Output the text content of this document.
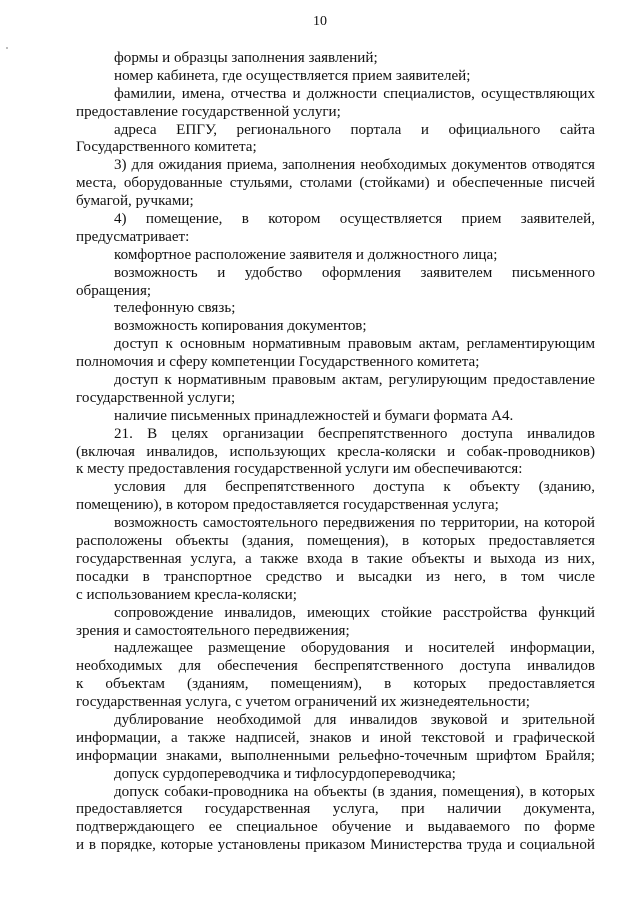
10
формы и образцы заполнения заявлений;
номер кабинета, где осуществляется прием заявителей;
фамилии, имена, отчества и должности специалистов, осуществляющих
предоставление государственной услуги;
адреса ЕПГУ, регионального портала и официального сайта
Государственного комитета;
3) для ожидания приема, заполнения необходимых документов отводятся
места, оборудованные стульями, столами (стойками) и обеспеченные писчей
бумагой, ручками;
4) помещение, в котором осуществляется прием заявителей,
предусматривает:
комфортное расположение заявителя и должностного лица;
возможность и удобство оформления заявителем письменного
обращения;
телефонную связь;
возможность копирования документов;
доступ к основным нормативным правовым актам, регламентирующим
полномочия и сферу компетенции Государственного комитета;
доступ к нормативным правовым актам, регулирующим предоставление
государственной услуги;
наличие письменных принадлежностей и бумаги формата А4.
21. В целях организации беспрепятственного доступа инвалидов
(включая инвалидов, использующих кресла-коляски и собак-проводников)
к месту предоставления государственной услуги им обеспечиваются:
условия для беспрепятственного доступа к объекту (зданию,
помещению), в котором предоставляется государственная услуга;
возможность самостоятельного передвижения по территории, на которой
расположены объекты (здания, помещения), в которых предоставляется
государственная услуга, а также входа в такие объекты и выхода из них,
посадки в транспортное средство и высадки из него, в том числе
с использованием кресла-коляски;
сопровождение инвалидов, имеющих стойкие расстройства функций
зрения и самостоятельного передвижения;
надлежащее размещение оборудования и носителей информации,
необходимых для обеспечения беспрепятственного доступа инвалидов
к объектам (зданиям, помещениям), в которых предоставляется
государственная услуга, с учетом ограничений их жизнедеятельности;
дублирование необходимой для инвалидов звуковой и зрительной
информации, а также надписей, знаков и иной текстовой и графической
информации знаками, выполненными рельефно-точечным шрифтом Брайля;
допуск сурдопереводчика и тифлосурдопереводчика;
допуск собаки-проводника на объекты (в здания, помещения), в которых
предоставляется государственная услуга, при наличии документа,
подтверждающего ее специальное обучение и выдаваемого по форме
и в порядке, которые установлены приказом Министерства труда и социальной
